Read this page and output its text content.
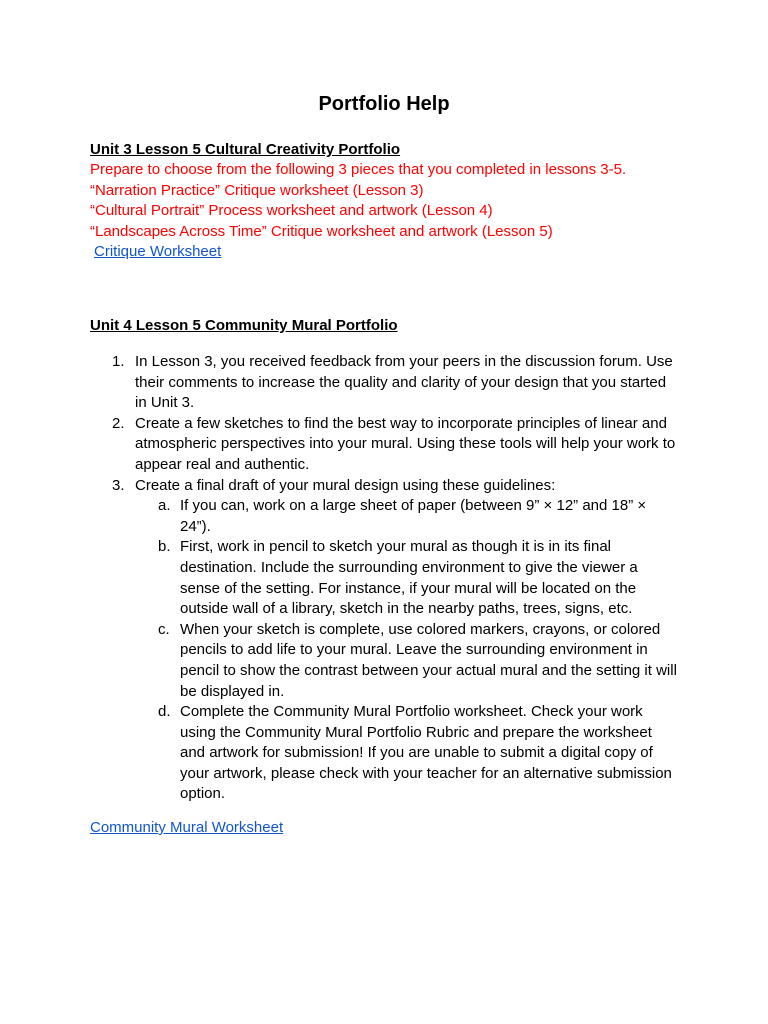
Portfolio Help
Unit 3 Lesson 5 Cultural Creativity Portfolio
Prepare to choose from the following 3 pieces that you completed in lessons 3-5.
“Narration Practice” Critique worksheet (Lesson 3)
“Cultural Portrait” Process worksheet and artwork (Lesson 4)
“Landscapes Across Time” Critique worksheet and artwork (Lesson 5)
Critique Worksheet
Unit 4 Lesson 5 Community Mural Portfolio
1. In Lesson 3, you received feedback from your peers in the discussion forum. Use their comments to increase the quality and clarity of your design that you started in Unit 3.
2. Create a few sketches to find the best way to incorporate principles of linear and atmospheric perspectives into your mural. Using these tools will help your work to appear real and authentic.
3. Create a final draft of your mural design using these guidelines:
a. If you can, work on a large sheet of paper (between 9” × 12” and 18” × 24”).
b. First, work in pencil to sketch your mural as though it is in its final destination. Include the surrounding environment to give the viewer a sense of the setting. For instance, if your mural will be located on the outside wall of a library, sketch in the nearby paths, trees, signs, etc.
c. When your sketch is complete, use colored markers, crayons, or colored pencils to add life to your mural. Leave the surrounding environment in pencil to show the contrast between your actual mural and the setting it will be displayed in.
d. Complete the Community Mural Portfolio worksheet. Check your work using the Community Mural Portfolio Rubric and prepare the worksheet and artwork for submission! If you are unable to submit a digital copy of your artwork, please check with your teacher for an alternative submission option.
Community Mural Worksheet
